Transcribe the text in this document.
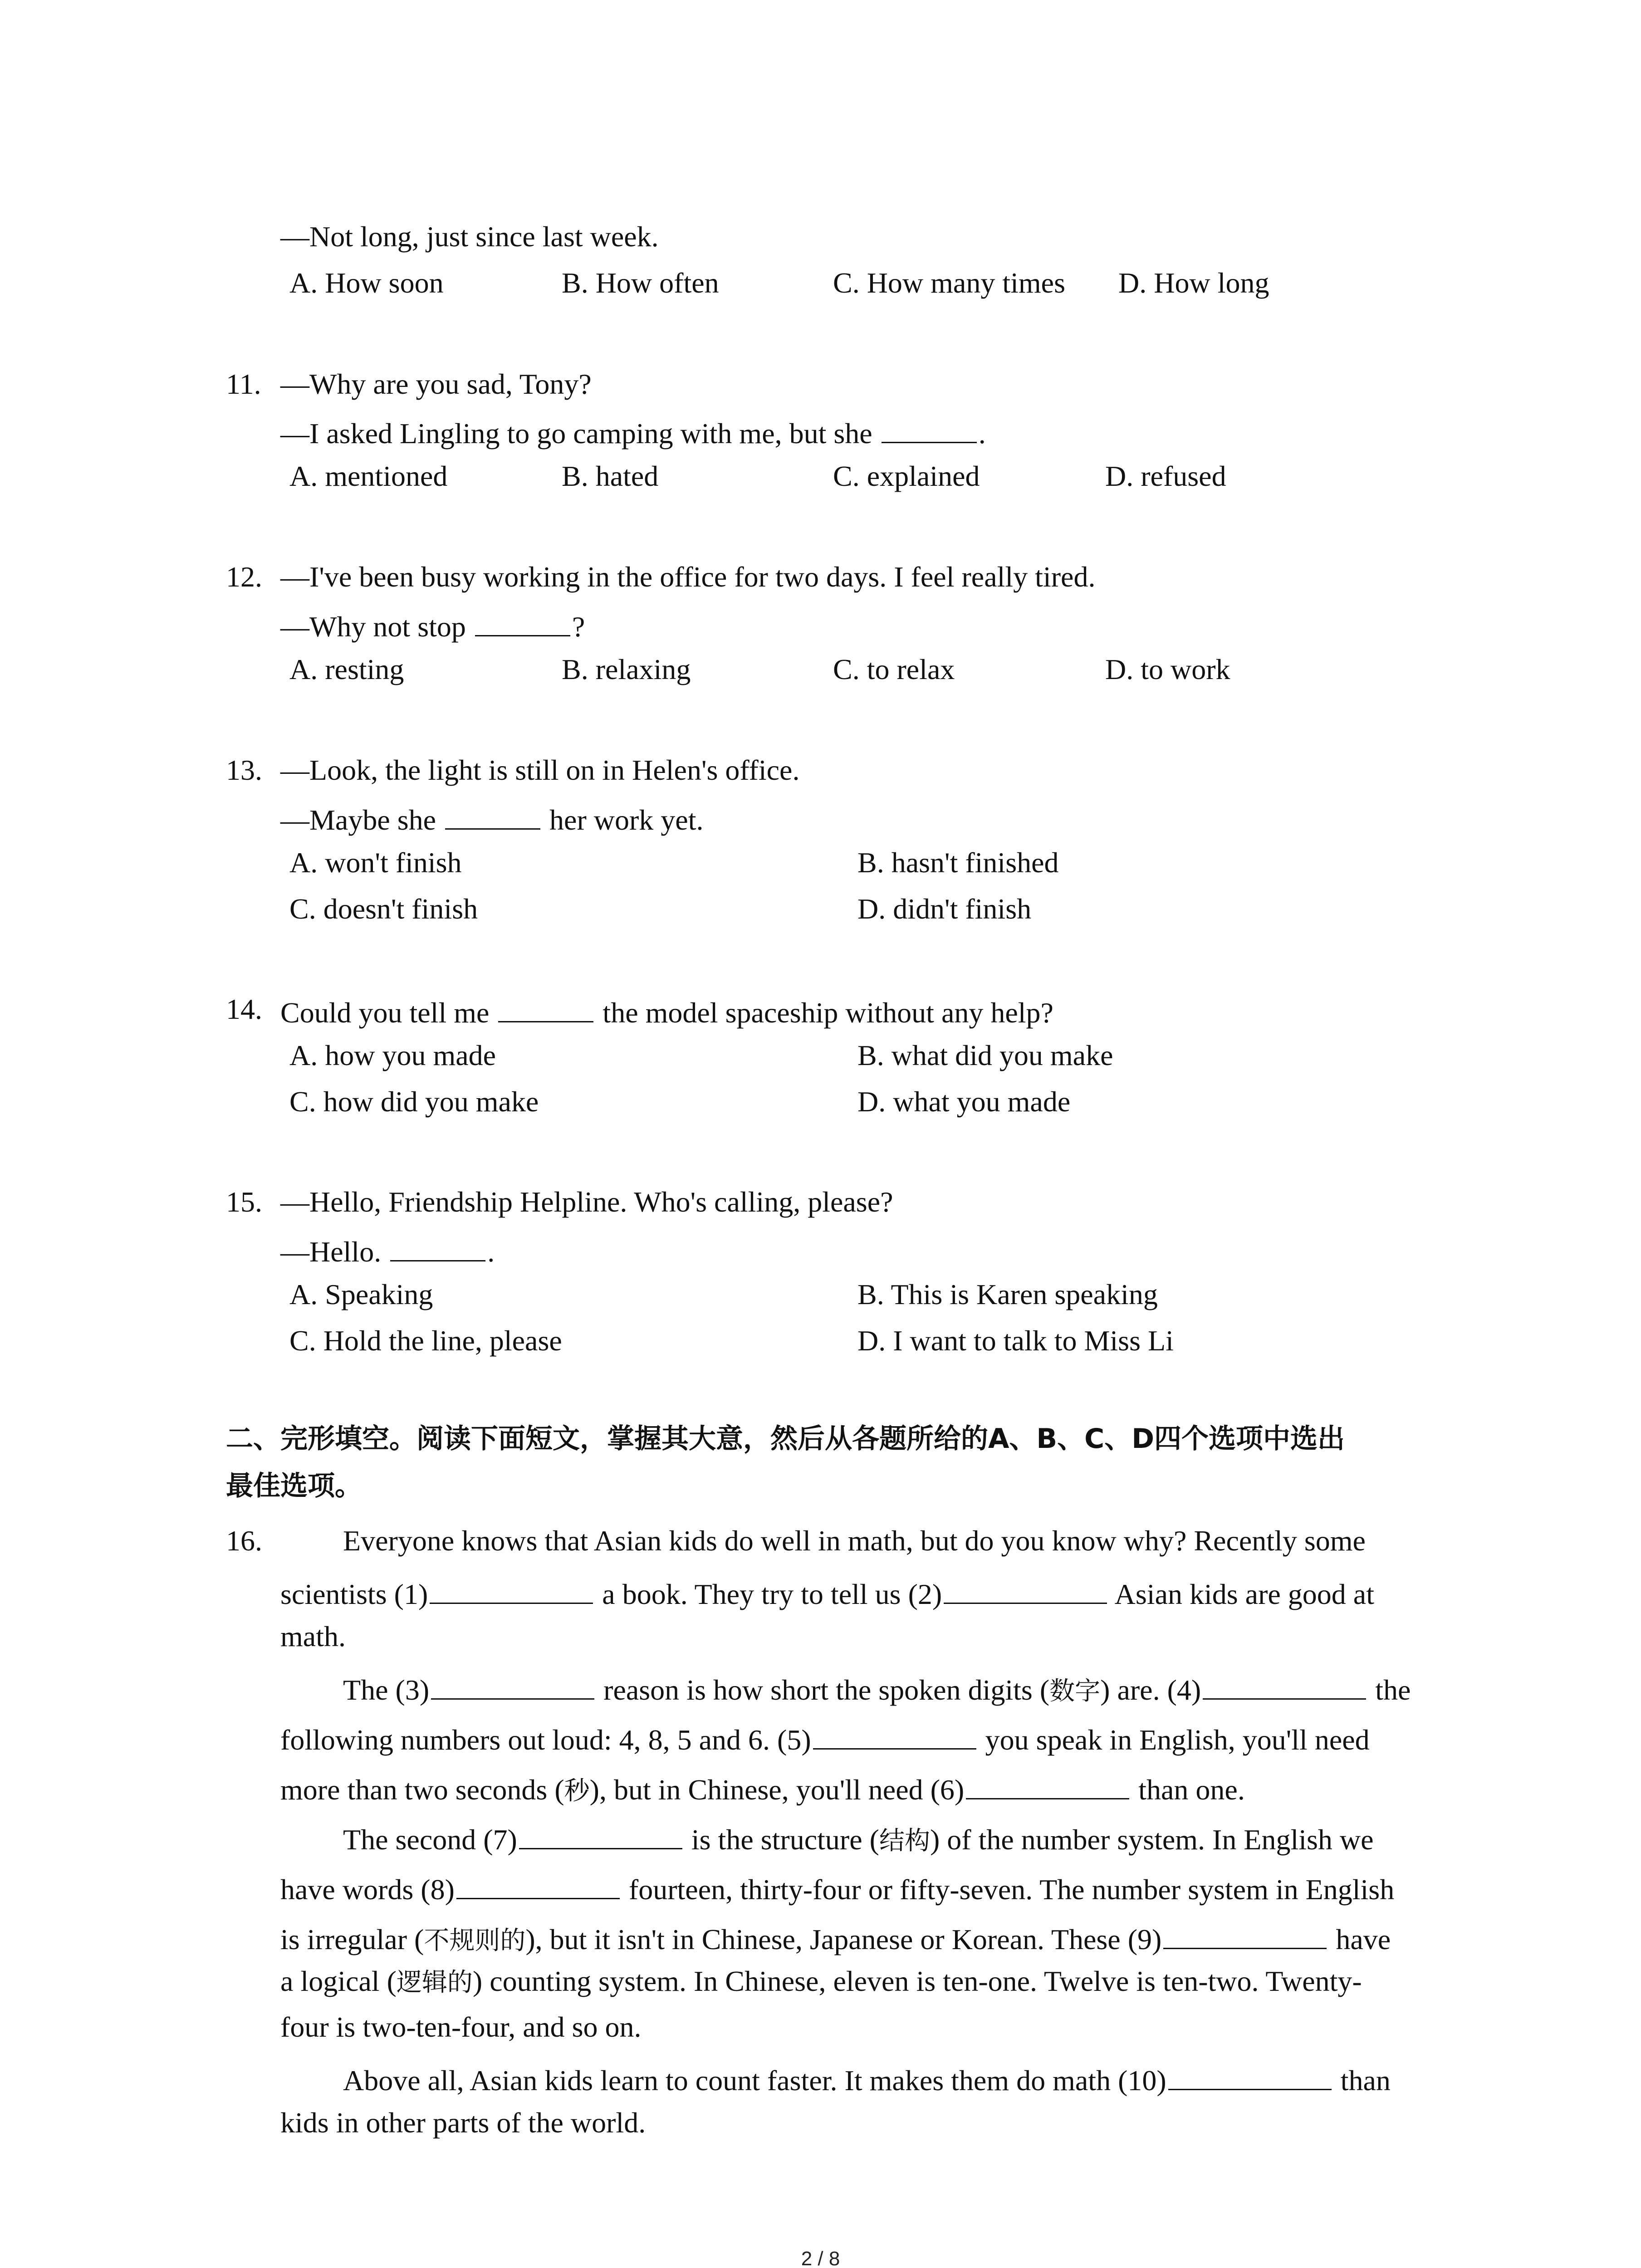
—Not long, just since last week.
A. How soon	B. How often	C. How many times D. How long
11. —Why are you sad, Tony?
—I asked Lingling to go camping with me, but she	.
A. mentioned	B. hated	C. explained	D. refused
12. —I've been busy working in the office for two days. I feel really tired.
—Why not stop	?
A. resting	B. relaxing	C. to relax	D. to work
13. —Look, the light is still on in Helen's office.
—Maybe she	her work yet.
A. won't finish	B. hasn't finished
C. doesn't finish	D. didn't finish
14. Could you tell me	the model spaceship without any help?
A. how you made	B. what did you make
C. how did you make	D. what you made
15. —Hello, Friendship Helpline. Who's calling, please?
—Hello.	.
A. Speaking	B. This is Karen speaking
C. Hold the line, please	D. I want to talk to Miss Li
二、完形填空。阅读下面短文，掌握其大意，然后从各题所给的A、B、C、D四个选项中选出
最佳选项。
16.	Everyone knows that Asian kids do well in math, but do you know why? Recently some
scientists (1)	a book. They try to tell us (2)	Asian kids are good at
math.
The (3)	reason is how short the spoken digits (数字) are. (4)	the
following numbers out loud: 4, 8, 5 and 6. (5)	you speak in English, you'll need
more than two seconds (秒), but in Chinese, you'll need (6)	than one.
The second (7)	is the structure (结构) of the number system. In English we
have words (8)	fourteen, thirty-four or fifty-seven. The number system in English
is irregular (不规则的), but it isn't in Chinese, Japanese or Korean. These (9)	have
a logical (逻辑的) counting system. In Chinese, eleven is ten-one. Twelve is ten-two. Twenty-
four is two-ten-four, and so on.
Above all, Asian kids learn to count faster. It makes them do math (10)	than
kids in other parts of the world.
2 / 8
